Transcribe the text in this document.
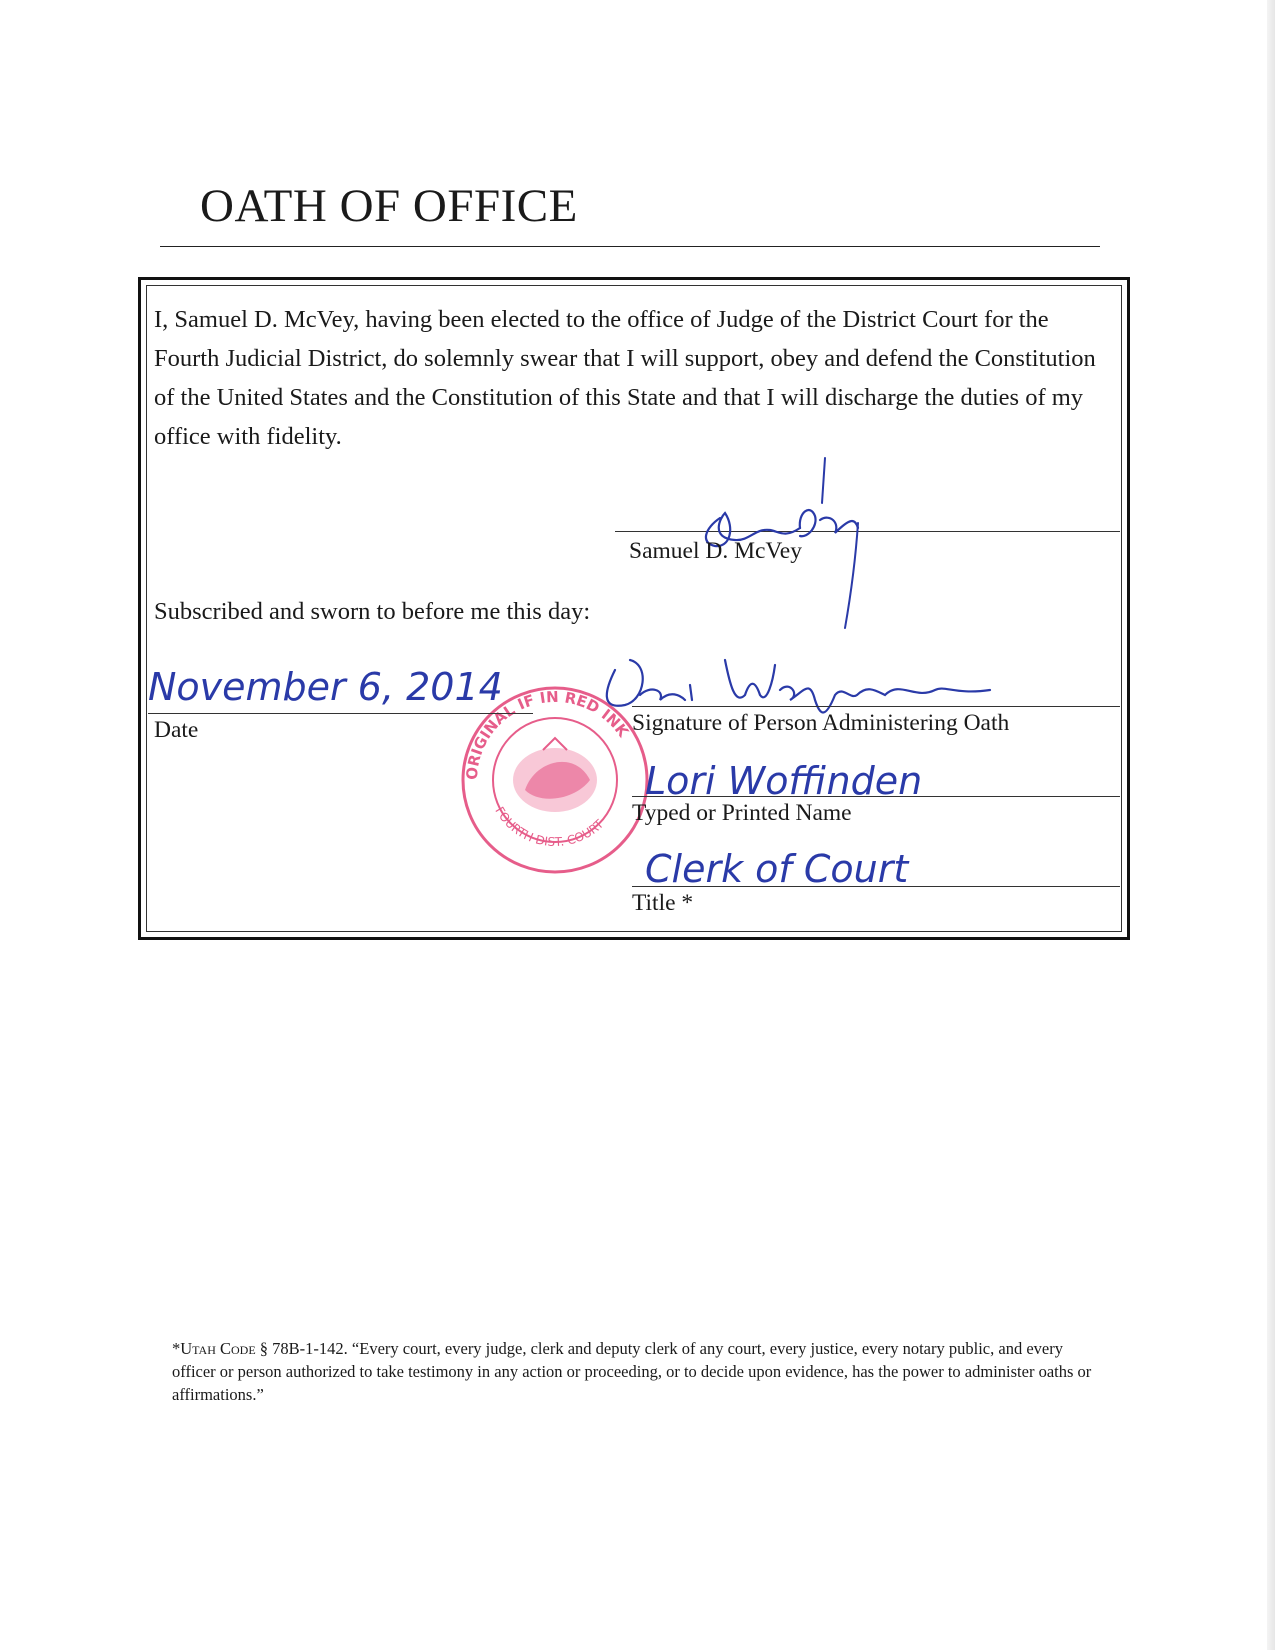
OATH OF OFFICE

I, Samuel D. McVey, having been elected to the office of Judge of the District Court for the Fourth Judicial District, do solemnly swear that I will support, obey and defend the Constitution of the United States and the Constitution of this State and that I will discharge the duties of my office with fidelity.

Samuel D. McVey
Subscribed and sworn to before me this day:
ORIGINAL IF IN RED INK
FOURTH DIST. COURT
November 6, 2014
Date	Signature of Person Administering Oath
Lori Woffinden
Typed or Printed Name
Clerk of Court
Title *

*Utah Code § 78B-1-142. “Every court, every judge, clerk and deputy clerk of any court, every justice, every notary public, and every officer or person authorized to take testimony in any action or proceeding, or to decide upon evidence, has the power to administer oaths or affirmations.”
